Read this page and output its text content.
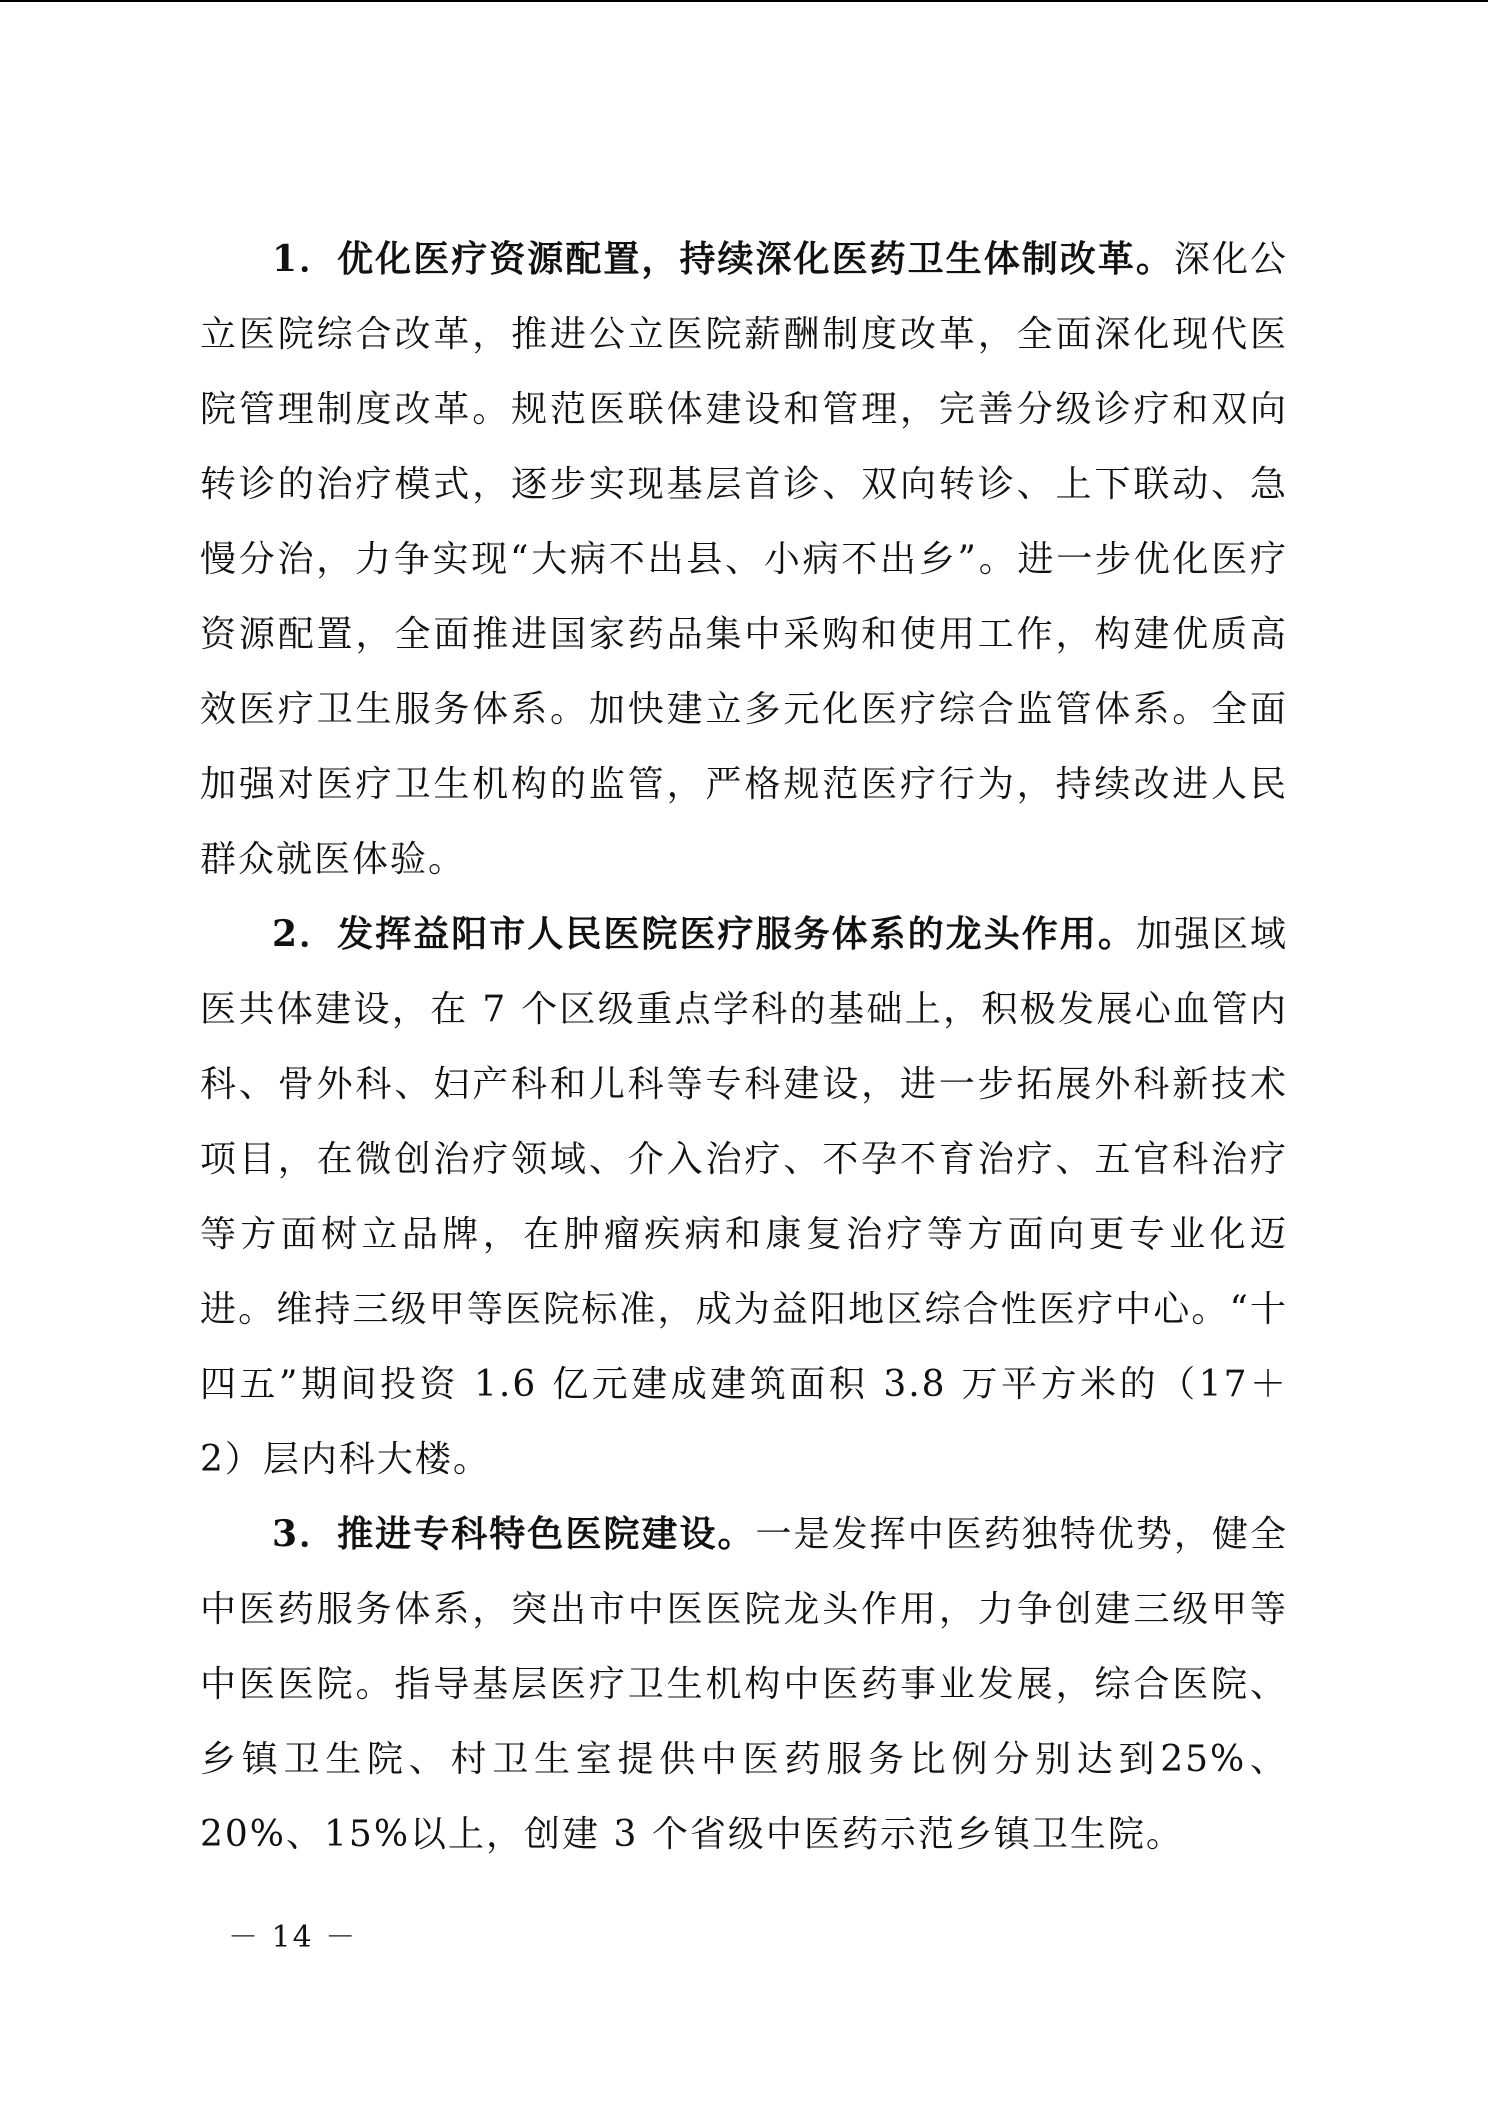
1．优化医疗资源配置，持续深化医药卫生体制改革。深化公立医院综合改革，推进公立医院薪酬制度改革，全面深化现代医院管理制度改革。规范医联体建设和管理，完善分级诊疗和双向转诊的治疗模式，逐步实现基层首诊、双向转诊、上下联动、急慢分治，力争实现“大病不出县、小病不出乡”。进一步优化医疗资源配置，全面推进国家药品集中采购和使用工作，构建优质高效医疗卫生服务体系。加快建立多元化医疗综合监管体系。全面加强对医疗卫生机构的监管，严格规范医疗行为，持续改进人民群众就医体验。

2．发挥益阳市人民医院医疗服务体系的龙头作用。加强区域医共体建设，在 7 个区级重点学科的基础上，积极发展心血管内科、骨外科、妇产科和儿科等专科建设，进一步拓展外科新技术项目，在微创治疗领域、介入治疗、不孕不育治疗、五官科治疗等方面树立品牌，在肿瘤疾病和康复治疗等方面向更专业化迈进。维持三级甲等医院标准，成为益阳地区综合性医疗中心。“十四五”期间投资 1.6 亿元建成建筑面积 3.8 万平方米的（17＋2）层内科大楼。

3．推进专科特色医院建设。一是发挥中医药独特优势，健全中医药服务体系，突出市中医医院龙头作用，力争创建三级甲等中医医院。指导基层医疗卫生机构中医药事业发展，综合医院、乡镇卫生院、村卫生室提供中医药服务比例分别达到25%、20%、15%以上，创建 3 个省级中医药示范乡镇卫生院。

－ 14 －
